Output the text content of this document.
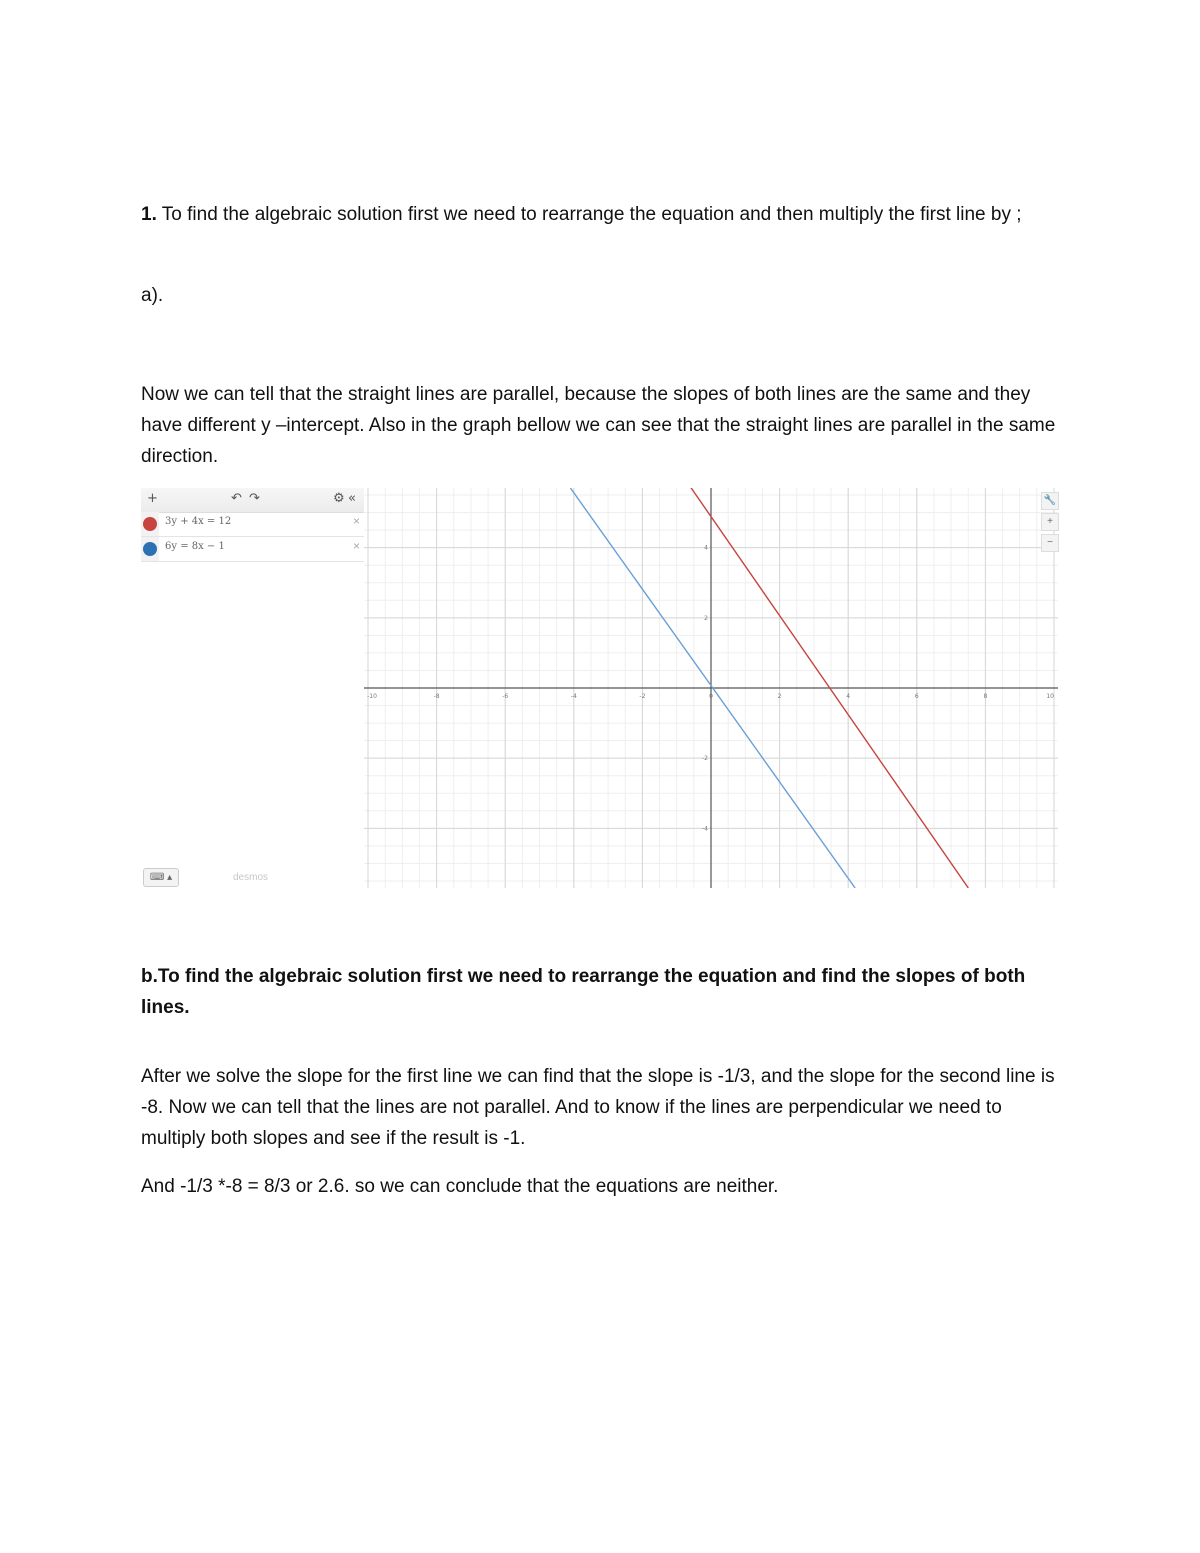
1. To find the algebraic solution first we need to rearrange the equation and then multiply the first line by ;

a).

Now we can tell that the straight lines are parallel, because the slopes of both lines are the same and they have different y –intercept. Also in the graph bellow we can see that the straight lines are parallel in the same direction.

+	↶ ↷	⚙ «
3y + 4x = 12	×
6y = 8x − 1	×
⌨ ▴	desmos
-10	-8	-6	-4	-2	0	2	4	6	8	10
-4
-2
2
4
🔧
+
−

b.To find the algebraic solution first we need to rearrange the equation and find the slopes of both lines.

After we solve the slope for the first line we can find that the slope is -1/3, and the slope for the second line is -8. Now we can tell that the lines are not parallel. And to know if the lines are perpendicular we need to multiply both slopes and see if the result is -1.

And -1/3 *-8 = 8/3 or 2.6. so we can conclude that the equations are neither.
